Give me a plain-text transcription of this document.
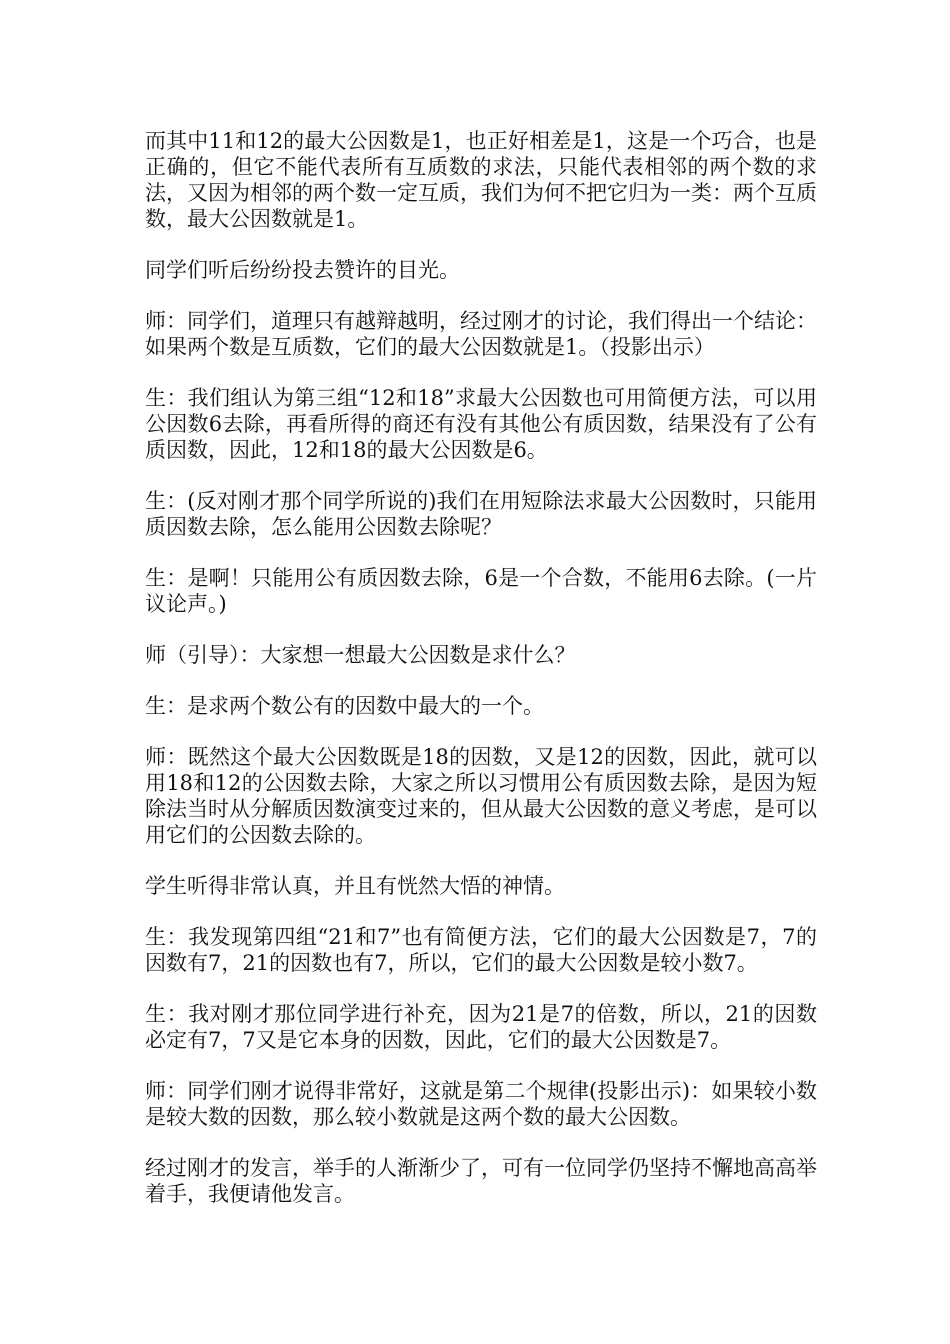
而其中11和12的最大公因数是1，也正好相差是1，这是一个巧合，也是正确的，但它不能代表所有互质数的求法，只能代表相邻的两个数的求法，又因为相邻的两个数一定互质，我们为何不把它归为一类：两个互质数，最大公因数就是1。

同学们听后纷纷投去赞许的目光。

师：同学们，道理只有越辩越明，经过刚才的讨论，我们得出一个结论：如果两个数是互质数，它们的最大公因数就是1。（投影出示）

生：我们组认为第三组“12和18”求最大公因数也可用简便方法，可以用公因数6去除，再看所得的商还有没有其他公有质因数，结果没有了公有质因数，因此，12和18的最大公因数是6。

生：(反对刚才那个同学所说的)我们在用短除法求最大公因数时，只能用质因数去除，怎么能用公因数去除呢？

生：是啊！只能用公有质因数去除，6是一个合数，不能用6去除。(一片议论声。)

师（引导）：大家想一想最大公因数是求什么？

生：是求两个数公有的因数中最大的一个。

师：既然这个最大公因数既是18的因数，又是12的因数，因此，就可以用18和12的公因数去除，大家之所以习惯用公有质因数去除，是因为短除法当时从分解质因数演变过来的，但从最大公因数的意义考虑，是可以用它们的公因数去除的。

学生听得非常认真，并且有恍然大悟的神情。

生：我发现第四组“21和7”也有简便方法，它们的最大公因数是7，7的因数有7，21的因数也有7，所以，它们的最大公因数是较小数7。

生：我对刚才那位同学进行补充，因为21是7的倍数，所以，21的因数必定有7，7又是它本身的因数，因此，它们的最大公因数是7。

师：同学们刚才说得非常好，这就是第二个规律(投影出示)：如果较小数是较大数的因数，那么较小数就是这两个数的最大公因数。

经过刚才的发言，举手的人渐渐少了，可有一位同学仍坚持不懈地高高举着手，我便请他发言。
